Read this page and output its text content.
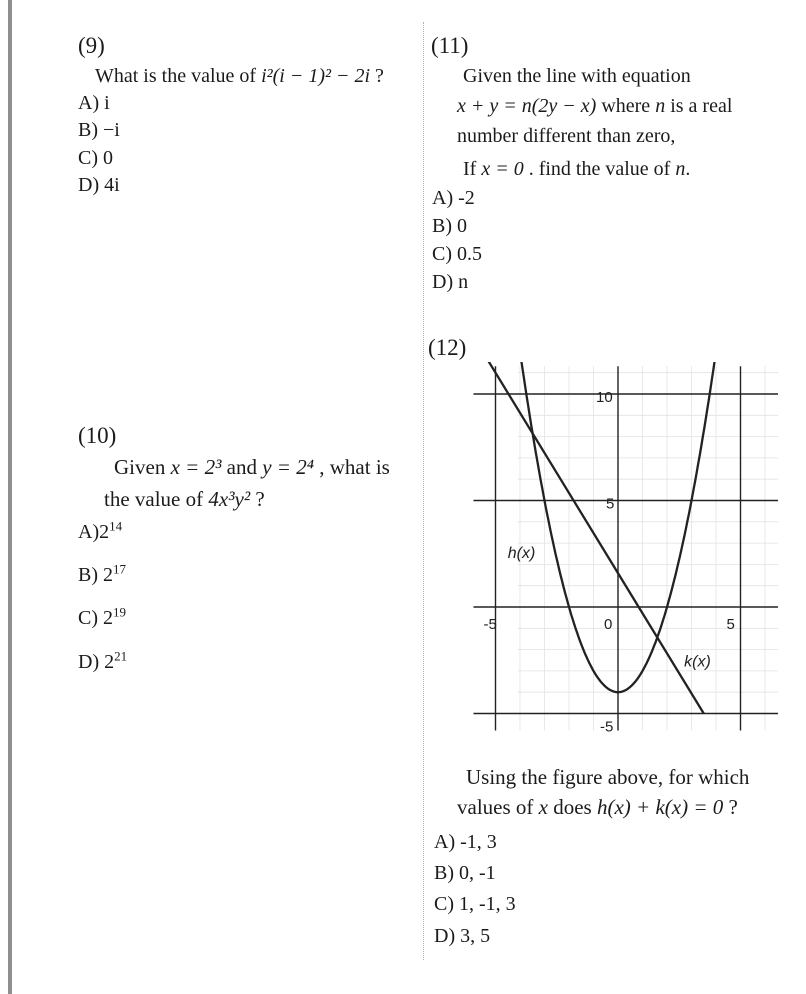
(9)
What is the value of i²(i − 1)² − 2i ?
A) i
B) −i
C) 0
D) 4i
(10)
Given x = 2³ and y = 2⁴ , what is
the value of 4x³y² ?
$A)2^{14}$
B) $2^{17}$
C) $2^{19}$
D) $2^{21}$
(11)
Given the line with equation
x + y = n(2y − x) where n is a real
number different than zero,
If x = 0 . find the value of n.
A) -2
B) 0
C) 0.5
D) n
(12)
-5	0	5
10
5
-5
h(x)
k(x)
Using the figure above, for which
values of x does h(x) + k(x) = 0 ?
A) -1, 3
B) 0, -1
C) 1, -1, 3
D) 3, 5
